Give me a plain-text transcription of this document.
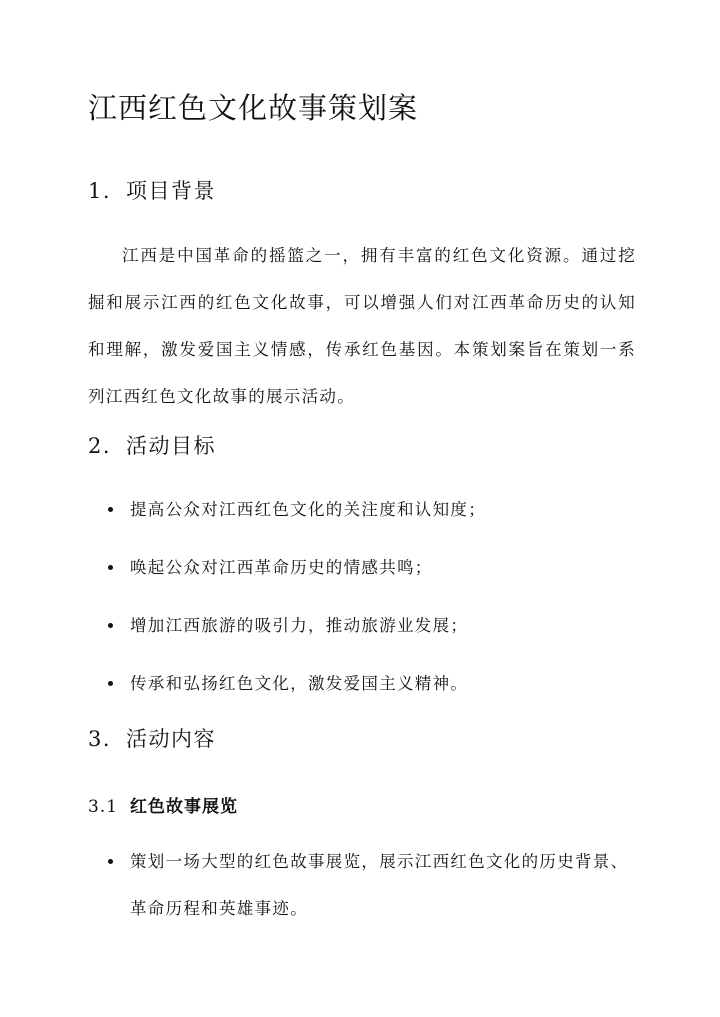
江西红色文化故事策划案
1. 项目背景

江西是中国革命的摇篮之一，拥有丰富的红色文化资源。通过挖掘和展示江西的红色文化故事，可以增强人们对江西革命历史的认知和理解，激发爱国主义情感，传承红色基因。本策划案旨在策划一系列江西红色文化故事的展示活动。

2. 活动目标
提高公众对江西红色文化的关注度和认知度；
唤起公众对江西革命历史的情感共鸣；
增加江西旅游的吸引力，推动旅游业发展；
传承和弘扬红色文化，激发爱国主义精神。
3. 活动内容
3.1 红色故事展览
策划一场大型的红色故事展览，展示江西红色文化的历史背景、革命历程和英雄事迹。
